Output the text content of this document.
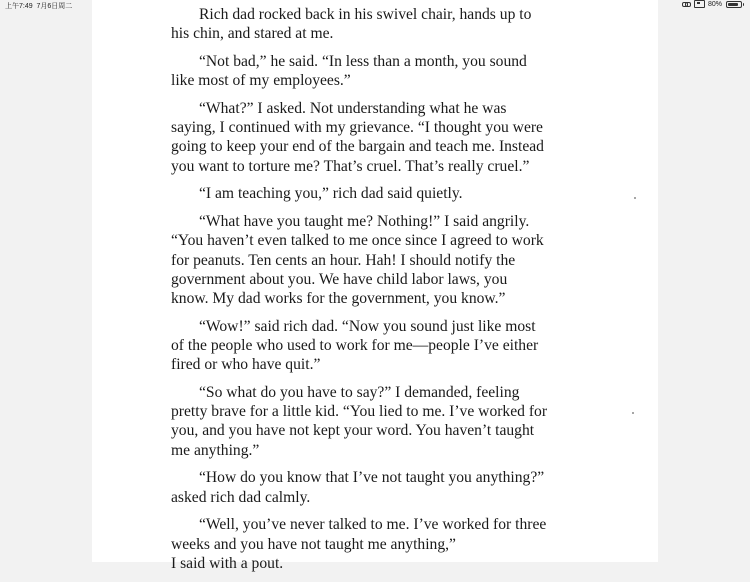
上午7:49  7月6日周二	80%
Rich dad rocked back in his swivel chair, hands up to
his chin, and stared at me.
“Not bad,” he said. “In less than a month, you sound
like most of my employees.”
“What?” I asked. Not understanding what he was
saying, I continued with my grievance. “I thought you were
going to keep your end of the bargain and teach me. Instead
you want to torture me? That’s cruel. That’s really cruel.”
“I am teaching you,” rich dad said quietly.
“What have you taught me? Nothing!” I said angrily.
“You haven’t even talked to me once since I agreed to work
for peanuts. Ten cents an hour. Hah! I should notify the
government about you. We have child labor laws, you
know. My dad works for the government, you know.”
“Wow!” said rich dad. “Now you sound just like most
of the people who used to work for me—people I’ve either
fired or who have quit.”
“So what do you have to say?” I demanded, feeling
pretty brave for a little kid. “You lied to me. I’ve worked for
you, and you have not kept your word. You haven’t taught
me anything.”
“How do you know that I’ve not taught you anything?”
asked rich dad calmly.
“Well, you’ve never talked to me. I’ve worked for three
weeks and you have not taught me anything,”
I said with a pout.
